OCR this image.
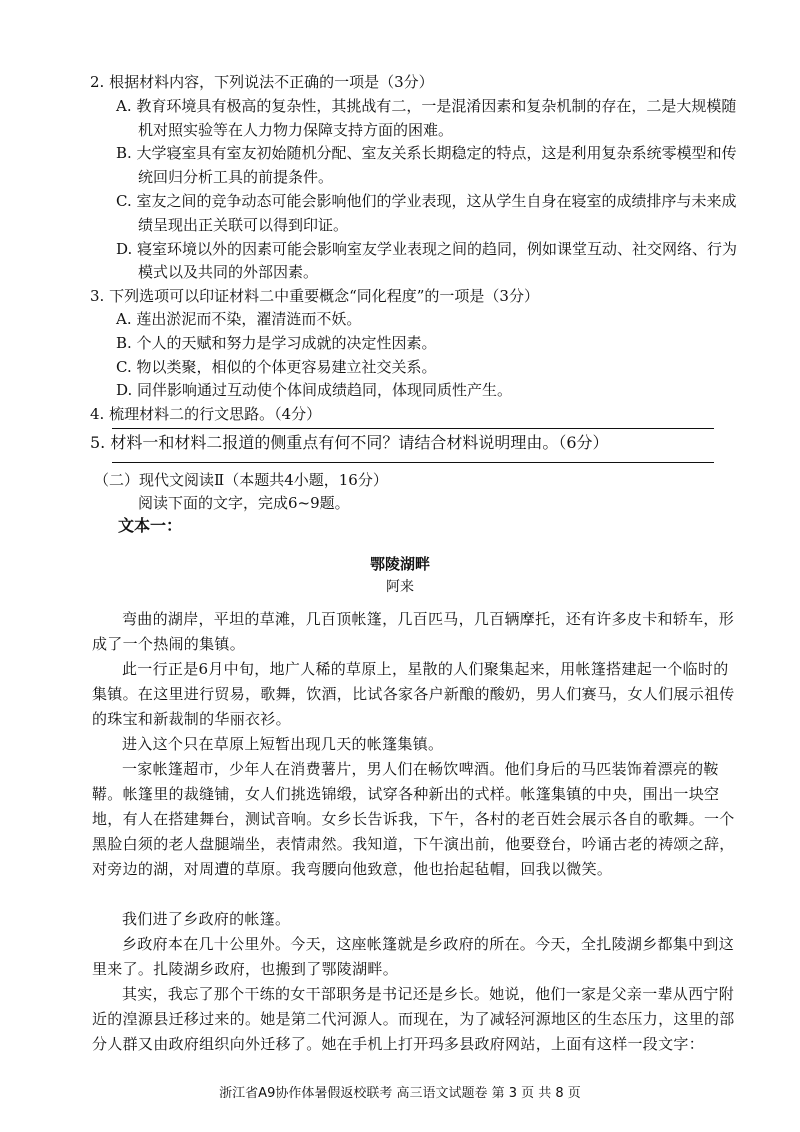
2. 根据材料内容，下列说法不正确的一项是（3分）
A. 教育环境具有极高的复杂性，其挑战有二，一是混淆因素和复杂机制的存在，二是大规模随
机对照实验等在人力物力保障支持方面的困难。
B. 大学寝室具有室友初始随机分配、室友关系长期稳定的特点，这是利用复杂系统零模型和传
统回归分析工具的前提条件。
C. 室友之间的竞争动态可能会影响他们的学业表现，这从学生自身在寝室的成绩排序与未来成
绩呈现出正关联可以得到印证。
D. 寝室环境以外的因素可能会影响室友学业表现之间的趋同，例如课堂互动、社交网络、行为
模式以及共同的外部因素。
3. 下列选项可以印证材料二中重要概念“同化程度”的一项是（3分）
A. 莲出淤泥而不染，濯清涟而不妖。
B. 个人的天赋和努力是学习成就的决定性因素。
C. 物以类聚，相似的个体更容易建立社交关系。
D. 同伴影响通过互动使个体间成绩趋同，体现同质性产生。
4. 梳理材料二的行文思路。（4分）
5. 材料一和材料二报道的侧重点有何不同？请结合材料说明理由。（6分）
（二）现代文阅读Ⅱ（本题共4小题，16分）
阅读下面的文字，完成6~9题。
文本一：
鄂陵湖畔
阿来
弯曲的湖岸，平坦的草滩，几百顶帐篷，几百匹马，几百辆摩托，还有许多皮卡和轿车，形成了一个热闹的集镇。
此一行正是6月中旬，地广人稀的草原上，星散的人们聚集起来，用帐篷搭建起一个临时的集镇。在这里进行贸易，歌舞，饮酒，比试各家各户新酿的酸奶，男人们赛马，女人们展示祖传的珠宝和新裁制的华丽衣衫。
进入这个只在草原上短暂出现几天的帐篷集镇。
一家帐篷超市，少年人在消费薯片，男人们在畅饮啤酒。他们身后的马匹装饰着漂亮的鞍鞯。帐篷里的裁缝铺，女人们挑选锦缎，试穿各种新出的式样。帐篷集镇的中央，围出一块空地，有人在搭建舞台，测试音响。女乡长告诉我，下午，各村的老百姓会展示各自的歌舞。一个黑脸白须的老人盘腿端坐，表情肃然。我知道，下午演出前，他要登台，吟诵古老的祷颂之辞，对旁边的湖，对周遭的草原。我弯腰向他致意，他也抬起毡帽，回我以微笑。
我们进了乡政府的帐篷。
乡政府本在几十公里外。今天，这座帐篷就是乡政府的所在。今天，全扎陵湖乡都集中到这里来了。扎陵湖乡政府，也搬到了鄂陵湖畔。
其实，我忘了那个干练的女干部职务是书记还是乡长。她说，他们一家是父亲一辈从西宁附近的湟源县迁移过来的。她是第二代河源人。而现在，为了减轻河源地区的生态压力，这里的部分人群又由政府组织向外迁移了。她在手机上打开玛多县政府网站，上面有这样一段文字：
浙江省A9协作体暑假返校联考 高三语文试题卷 第 3 页 共 8 页
